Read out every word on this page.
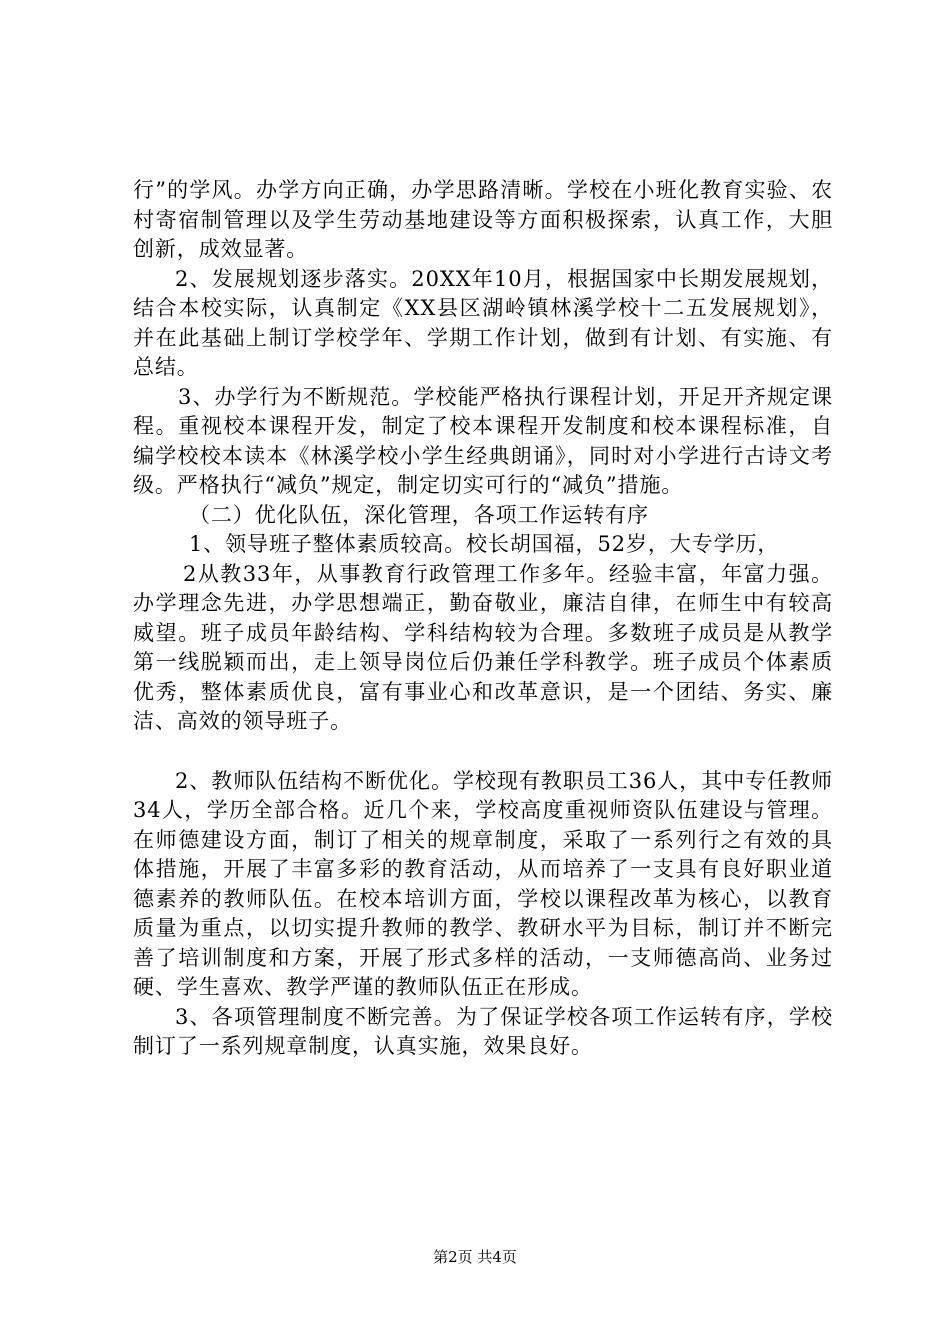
行”的学风。办学方向正确，办学思路清晰。学校在小班化教育实验、农村寄宿制管理以及学生劳动基地建设等方面积极探索，认真工作，大胆创新，成效显著。

2、发展规划逐步落实。20XX年10月，根据国家中长期发展规划，结合本校实际，认真制定《XX县区湖岭镇林溪学校十二五发展规划》，并在此基础上制订学校学年、学期工作计划，做到有计划、有实施、有总结。

3、办学行为不断规范。学校能严格执行课程计划，开足开齐规定课程。重视校本课程开发，制定了校本课程开发制度和校本课程标准，自编学校校本读本《林溪学校小学生经典朗诵》，同时对小学进行古诗文考级。严格执行“减负”规定，制定切实可行的“减负”措施。

（二）优化队伍，深化管理，各项工作运转有序

1、领导班子整体素质较高。校长胡国福，52岁，大专学历，

2从教33年，从事教育行政管理工作多年。经验丰富，年富力强。办学理念先进，办学思想端正，勤奋敬业，廉洁自律，在师生中有较高威望。班子成员年龄结构、学科结构较为合理。多数班子成员是从教学第一线脱颖而出，走上领导岗位后仍兼任学科教学。班子成员个体素质优秀，整体素质优良，富有事业心和改革意识，是一个团结、务实、廉洁、高效的领导班子。

2、教师队伍结构不断优化。学校现有教职员工36人，其中专任教师34人，学历全部合格。近几个来，学校高度重视师资队伍建设与管理。在师德建设方面，制订了相关的规章制度，采取了一系列行之有效的具体措施，开展了丰富多彩的教育活动，从而培养了一支具有良好职业道德素养的教师队伍。在校本培训方面，学校以课程改革为核心，以教育质量为重点，以切实提升教师的教学、教研水平为目标，制订并不断完善了培训制度和方案，开展了形式多样的活动，一支师德高尚、业务过硬、学生喜欢、教学严谨的教师队伍正在形成。

3、各项管理制度不断完善。为了保证学校各项工作运转有序，学校制订了一系列规章制度，认真实施，效果良好。

第2页 共4页
